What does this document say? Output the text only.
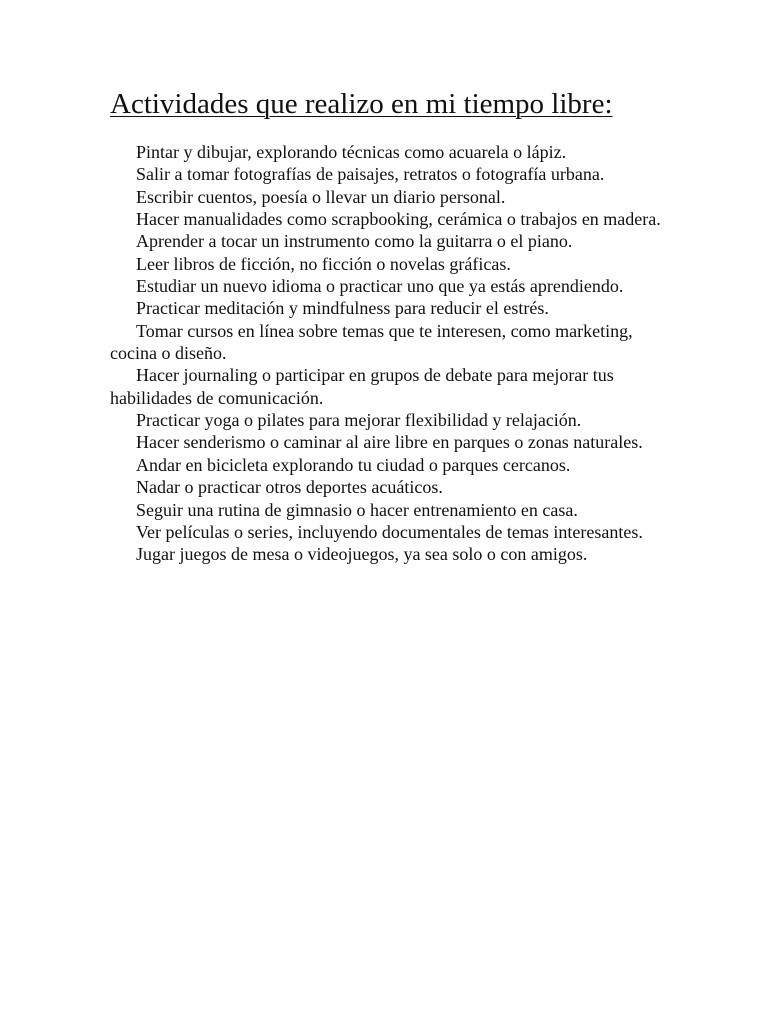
Actividades que realizo en mi tiempo libre:
Pintar y dibujar, explorando técnicas como acuarela o lápiz.
Salir a tomar fotografías de paisajes, retratos o fotografía urbana.
Escribir cuentos, poesía o llevar un diario personal.
Hacer manualidades como scrapbooking, cerámica o trabajos en madera.
Aprender a tocar un instrumento como la guitarra o el piano.
Leer libros de ficción, no ficción o novelas gráficas.
Estudiar un nuevo idioma o practicar uno que ya estás aprendiendo.
Practicar meditación y mindfulness para reducir el estrés.
Tomar cursos en línea sobre temas que te interesen, como marketing, cocina o diseño.
Hacer journaling o participar en grupos de debate para mejorar tus habilidades de comunicación.
Practicar yoga o pilates para mejorar flexibilidad y relajación.
Hacer senderismo o caminar al aire libre en parques o zonas naturales.
Andar en bicicleta explorando tu ciudad o parques cercanos.
Nadar o practicar otros deportes acuáticos.
Seguir una rutina de gimnasio o hacer entrenamiento en casa.
Ver películas o series, incluyendo documentales de temas interesantes.
Jugar juegos de mesa o videojuegos, ya sea solo o con amigos.
